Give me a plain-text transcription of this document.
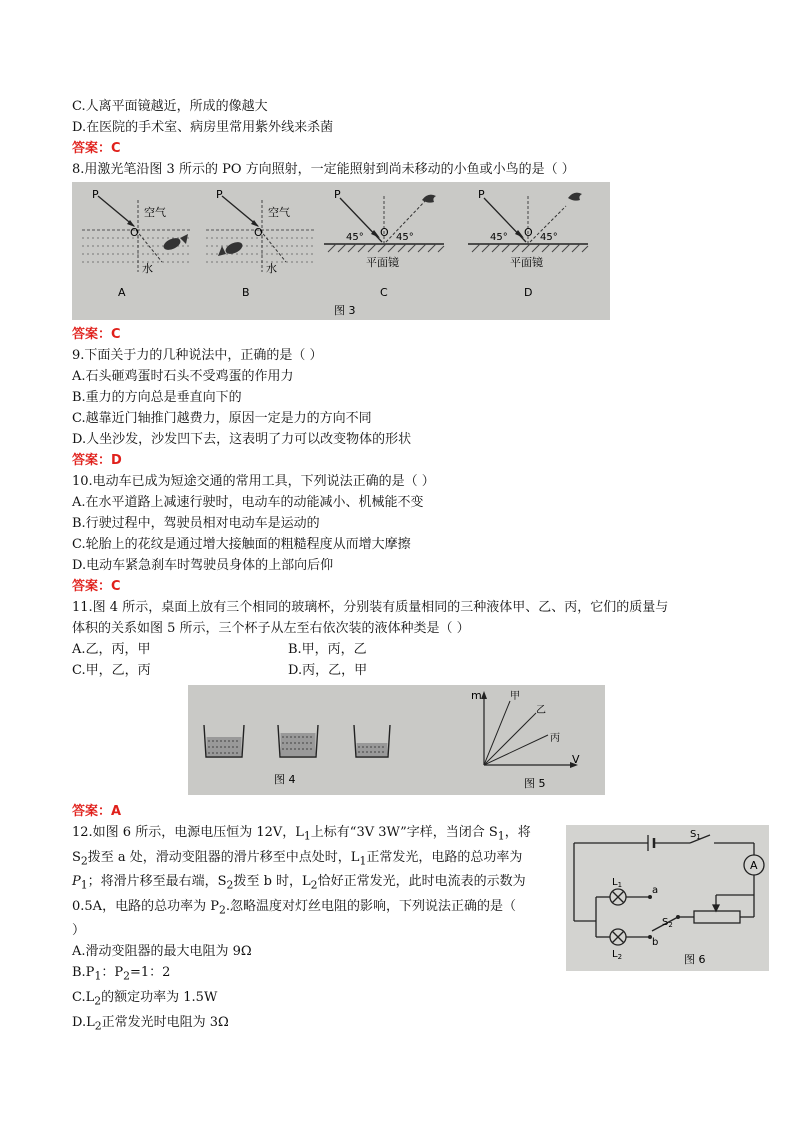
C.人离平面镜越近，所成的像越大
D.在医院的手术室、病房里常用紫外线来杀菌
答案：C
8.用激光笔沿图 3 所示的 PO 方向照射，一定能照射到尚未移动的小鱼或小鸟的是（ ）
P
O
空气
水
A
P
O
空气
水
B
P
O
45°	45°
平面镜
C
P
O
45°	45°
平面镜
D
图 3
答案：C
9.下面关于力的几种说法中，正确的是（ ）
A.石头砸鸡蛋时石头不受鸡蛋的作用力
B.重力的方向总是垂直向下的
C.越靠近门轴推门越费力，原因一定是力的方向不同
D.人坐沙发，沙发凹下去，这表明了力可以改变物体的形状
答案：D
10.电动车已成为短途交通的常用工具，下列说法正确的是（ ）
A.在水平道路上减速行驶时，电动车的动能减小、机械能不变
B.行驶过程中，驾驶员相对电动车是运动的
C.轮胎上的花纹是通过增大接触面的粗糙程度从而增大摩擦
D.电动车紧急刹车时驾驶员身体的上部向后仰
答案：C
11.图 4 所示，桌面上放有三个相同的玻璃杯，分别装有质量相同的三种液体甲、乙、丙，它们的质量与
体积的关系如图 5 所示，三个杯子从左至右依次装的液体种类是（ ）
A.乙，丙，甲	B.甲，丙，乙
C.甲，乙，丙	D.丙，乙，甲
图 4
m
V
甲
乙
丙
图 5
答案：A
12.如图 6 所示，电源电压恒为 12V，$L_1$上标有“3V 3W”字样，当闭合 $S_1$，将
$S_2$拨至 a 处，滑动变阻器的滑片移至中点处时，$L_1$正常发光，电路的总功率为
$P_1$；将滑片移至最右端，$S_2$拨至 b 时，$L_2$恰好正常发光，此时电流表的示数为
0.5A，电路的总功率为 $P_2$.忽略温度对灯丝电阻的影响，下列说法正确的是（
）
A.滑动变阻器的最大电阻为 9Ω
$B.P_1$：$P_2=1$：2
$C.L_2$的额定功率为 1.5W
$D.L_2$正常发光时电阻为 3Ω
$S_1$
A
$L_1$	a
b
$S_2$
$L_2$	图 6
